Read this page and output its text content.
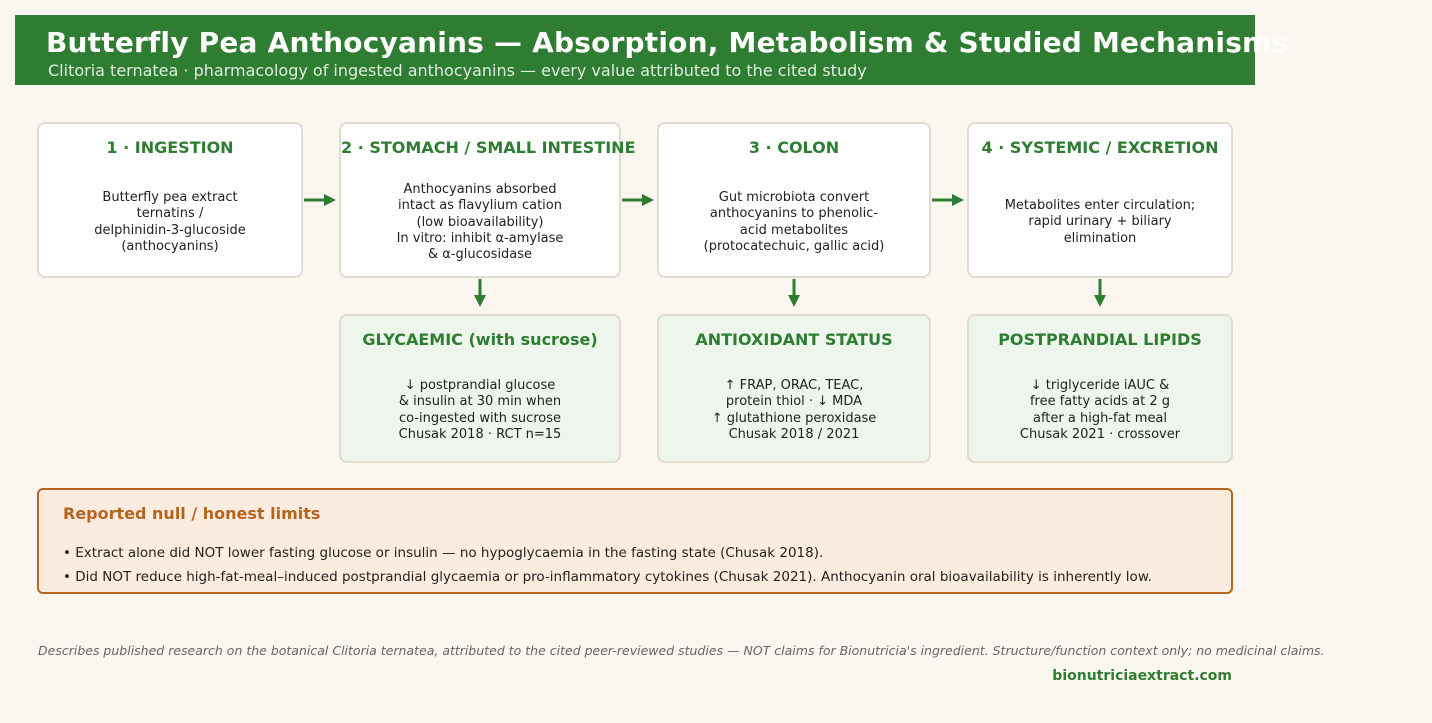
Butterfly Pea Anthocyanins — Absorption, Metabolism & Studied Mechanisms
Clitoria ternatea · pharmacology of ingested anthocyanins — every value attributed to the cited study
1 · INGESTION
Butterfly pea extract
ternatins /
delphinidin-3-glucoside
(anthocyanins)
2 · STOMACH / SMALL INTESTINE
Anthocyanins absorbed
intact as flavylium cation
(low bioavailability)
In vitro: inhibit α-amylase
& α-glucosidase
3 · COLON
Gut microbiota convert
anthocyanins to phenolic-
acid metabolites
(protocatechuic, gallic acid)
4 · SYSTEMIC / EXCRETION
Metabolites enter circulation;
rapid urinary + biliary
elimination
GLYCAEMIC (with sucrose)
↓ postprandial glucose
& insulin at 30 min when
co-ingested with sucrose
Chusak 2018 · RCT n=15
ANTIOXIDANT STATUS
↑ FRAP, ORAC, TEAC,
protein thiol · ↓ MDA
↑ glutathione peroxidase
Chusak 2018 / 2021
POSTPRANDIAL LIPIDS
↓ triglyceride iAUC &
free fatty acids at 2 g
after a high-fat meal
Chusak 2021 · crossover
Reported null / honest limits
• Extract alone did NOT lower fasting glucose or insulin — no hypoglycaemia in the fasting state (Chusak 2018).
• Did NOT reduce high-fat-meal–induced postprandial glycaemia or pro-inflammatory cytokines (Chusak 2021). Anthocyanin oral bioavailability is inherently low.
Describes published research on the botanical Clitoria ternatea, attributed to the cited peer-reviewed studies — NOT claims for Bionutricia's ingredient. Structure/function context only; no medicinal claims.
bionutriciaextract.com
